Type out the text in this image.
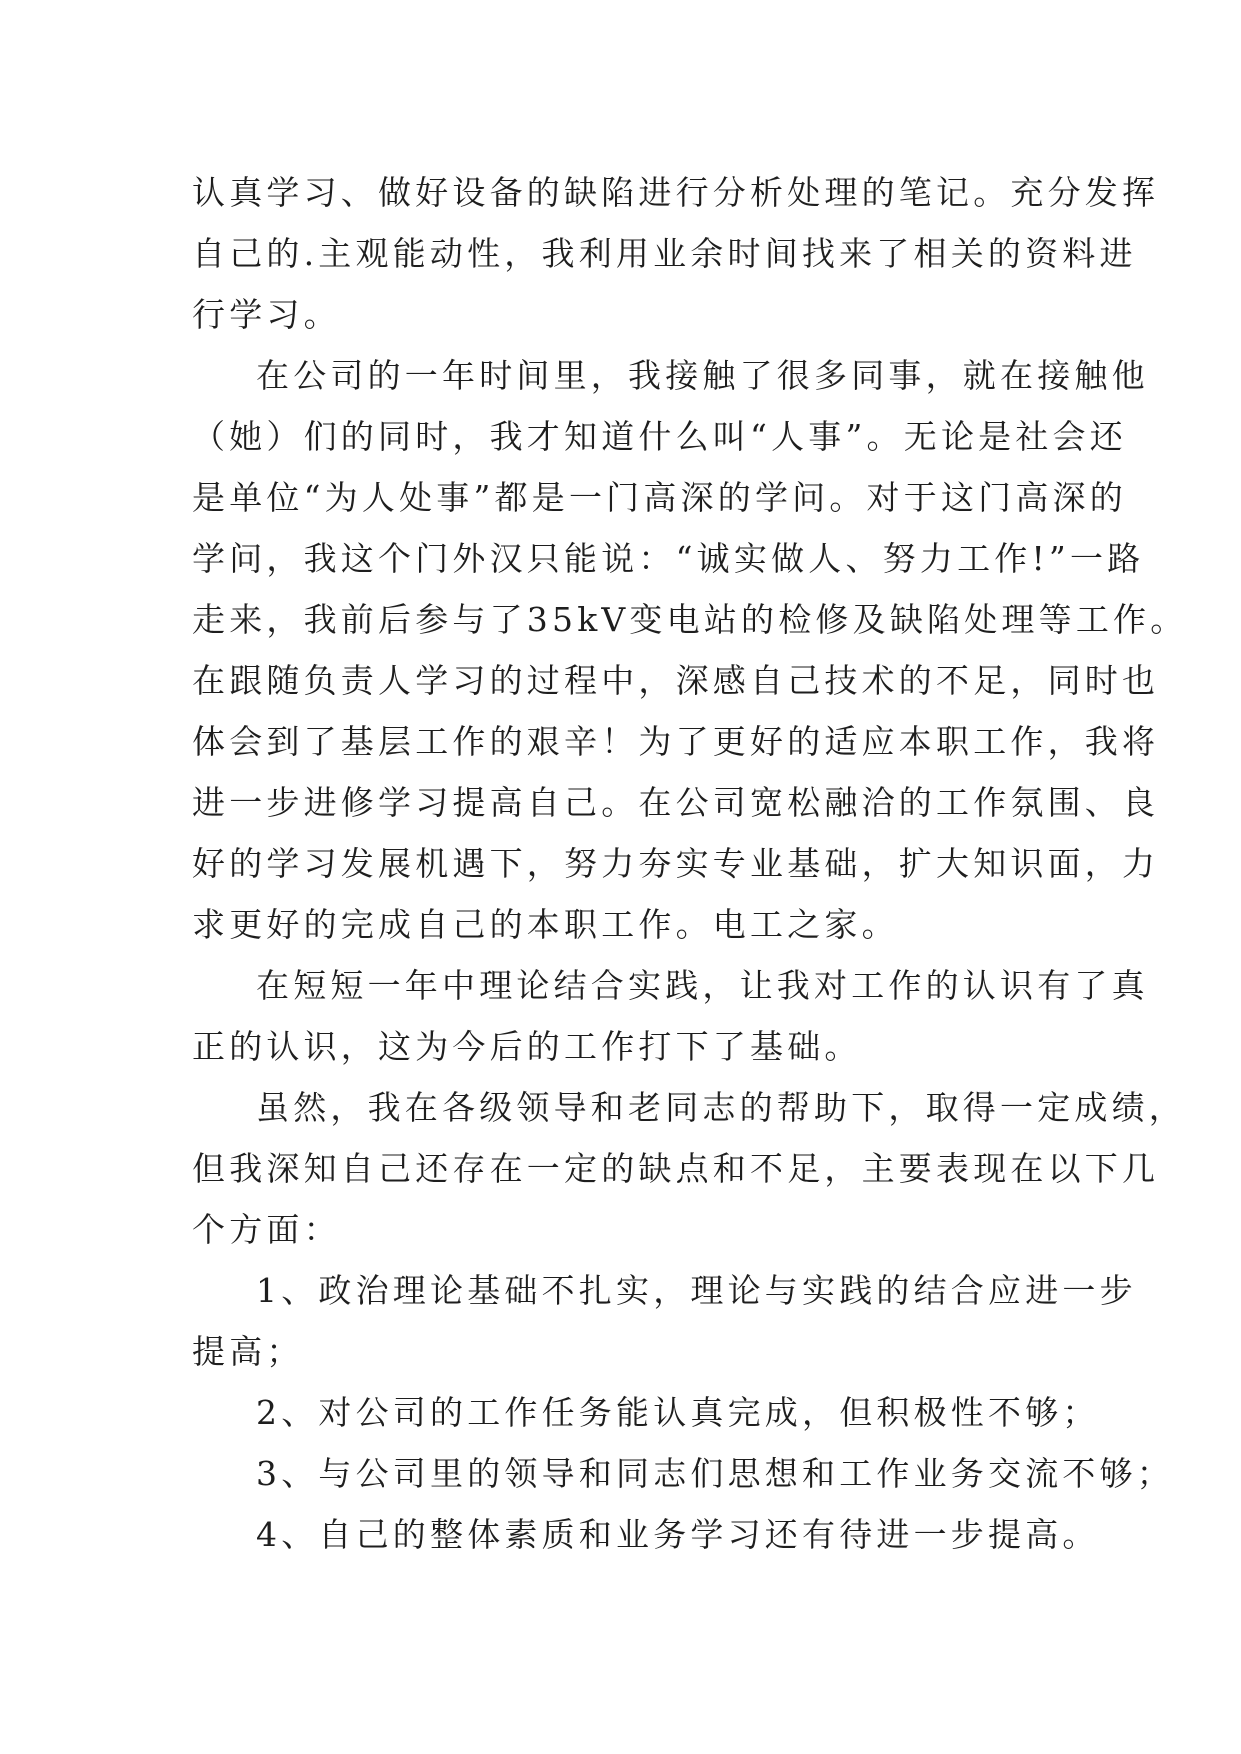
认真学习、做好设备的缺陷进行分析处理的笔记。充分发挥
自己的.主观能动性，我利用业余时间找来了相关的资料进
行学习。
在公司的一年时间里，我接触了很多同事，就在接触他
（她）们的同时，我才知道什么叫“人事”。无论是社会还
是单位“为人处事”都是一门高深的学问。对于这门高深的
学问，我这个门外汉只能说：“诚实做人、努力工作!”一路
走来，我前后参与了35kV变电站的检修及缺陷处理等工作。
在跟随负责人学习的过程中，深感自己技术的不足，同时也
体会到了基层工作的艰辛！为了更好的适应本职工作，我将
进一步进修学习提高自己。在公司宽松融洽的工作氛围、良
好的学习发展机遇下，努力夯实专业基础，扩大知识面，力
求更好的完成自己的本职工作。电工之家。
在短短一年中理论结合实践，让我对工作的认识有了真
正的认识，这为今后的工作打下了基础。
虽然，我在各级领导和老同志的帮助下，取得一定成绩，
但我深知自己还存在一定的缺点和不足，主要表现在以下几
个方面：
1、政治理论基础不扎实，理论与实践的结合应进一步
提高；
2、对公司的工作任务能认真完成，但积极性不够；
3、与公司里的领导和同志们思想和工作业务交流不够；
4、自己的整体素质和业务学习还有待进一步提高。
